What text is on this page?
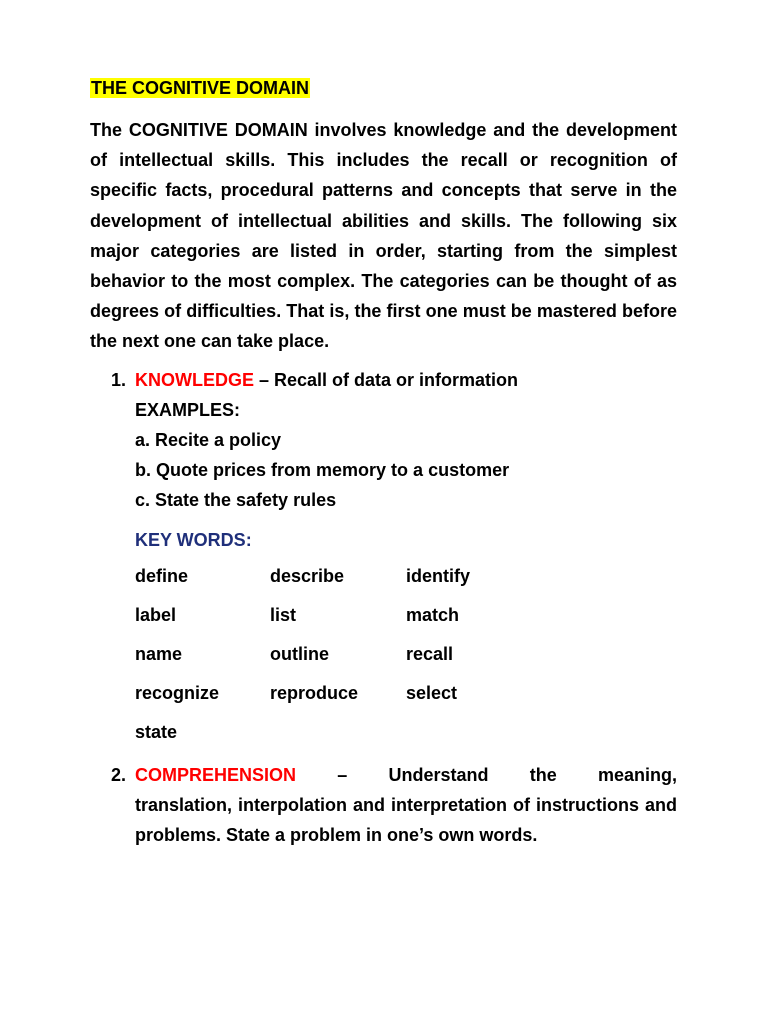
THE COGNITIVE DOMAIN
The COGNITIVE DOMAIN involves knowledge and the development of intellectual skills. This includes the recall or recognition of specific facts, procedural patterns and concepts that serve in the development of intellectual abilities and skills. The following six major categories are listed in order, starting from the simplest behavior to the most complex. The categories can be thought of as degrees of difficulties. That is, the first one must be mastered before the next one can take place.
1. KNOWLEDGE – Recall of data or information
EXAMPLES:
a. Recite a policy
b. Quote prices from memory to a customer
c. State the safety rules
KEY WORDS:
define	describe	identify
label	list	match
name	outline	recall
recognize	reproduce	select
state
2. COMPREHENSION – Understand the meaning,
translation, interpolation and interpretation of instructions and problems. State a problem in one’s own words.
